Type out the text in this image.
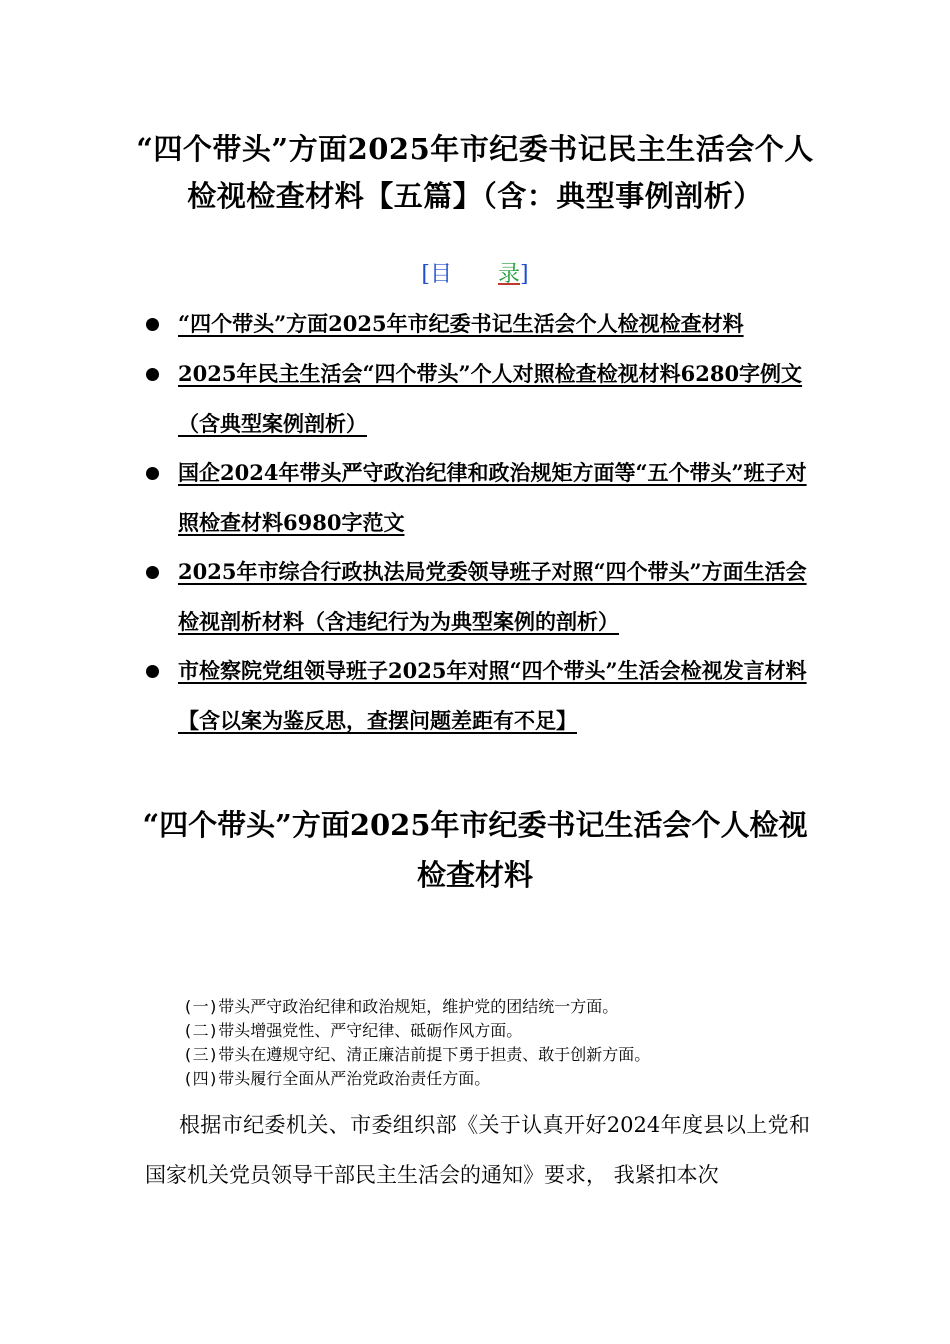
“四个带头”方面2025年市纪委书记民主生活会个人检视检查材料【五篇】（含：典型事例剖析）
[目 录]
“四个带头”方面2025年市纪委书记生活会个人检视检查材料
2025年民主生活会“四个带头”个人对照检查检视材料6280字例文（含典型案例剖析）
国企2024年带头严守政治纪律和政治规矩方面等“五个带头”班子对照检查材料6980字范文
2025年市综合行政执法局党委领导班子对照“四个带头”方面生活会检视剖析材料（含违纪行为为典型案例的剖析）
市检察院党组领导班子2025年对照“四个带头”生活会检视发言材料【含以案为鉴反思，查摆问题差距有不足】
“四个带头”方面2025年市纪委书记生活会个人检视检查材料
(一)带头严守政治纪律和政治规矩，维护党的团结统一方面。
(二)带头增强党性、严守纪律、砥砺作风方面。
(三)带头在遵规守纪、清正廉洁前提下勇于担责、敢于创新方面。
(四)带头履行全面从严治党政治责任方面。
根据市纪委机关、市委组织部《关于认真开好2024年度县以上党和国家机关党员领导干部民主生活会的通知》要求， 我紧扣本次
